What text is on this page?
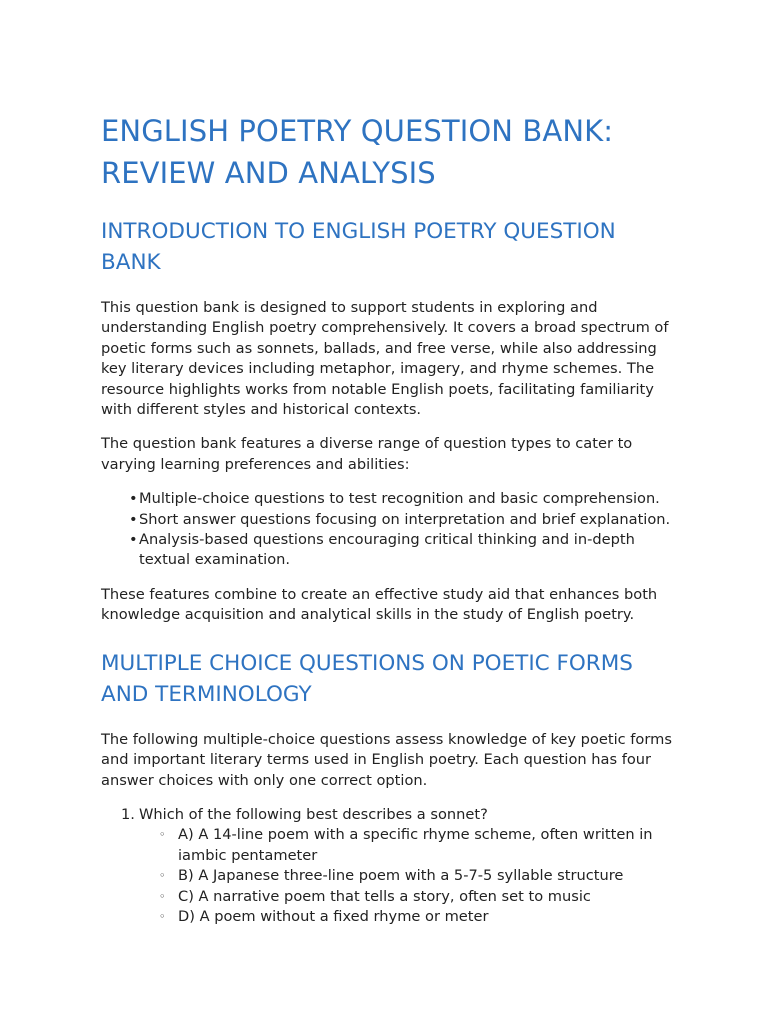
ENGLISH POETRY QUESTION BANK: REVIEW AND ANALYSIS
INTRODUCTION TO ENGLISH POETRY QUESTION BANK

This question bank is designed to support students in exploring and understanding English poetry comprehensively. It covers a broad spectrum of poetic forms such as sonnets, ballads, and free verse, while also addressing key literary devices including metaphor, imagery, and rhyme schemes. The resource highlights works from notable English poets, facilitating familiarity with different styles and historical contexts.

The question bank features a diverse range of question types to cater to varying learning preferences and abilities:

• Multiple-choice questions to test recognition and basic comprehension.
• Short answer questions focusing on interpretation and brief explanation.
• Analysis-based questions encouraging critical thinking and in-depth textual examination.

These features combine to create an effective study aid that enhances both knowledge acquisition and analytical skills in the study of English poetry.

MULTIPLE CHOICE QUESTIONS ON POETIC FORMS AND TERMINOLOGY

The following multiple-choice questions assess knowledge of key poetic forms and important literary terms used in English poetry. Each question has four answer choices with only one correct option.

1. Which of the following best describes a sonnet?
◦ A) A 14-line poem with a specific rhyme scheme, often written in iambic pentameter
◦ B) A Japanese three-line poem with a 5-7-5 syllable structure
◦ C) A narrative poem that tells a story, often set to music
◦ D) A poem without a fixed rhyme or meter
